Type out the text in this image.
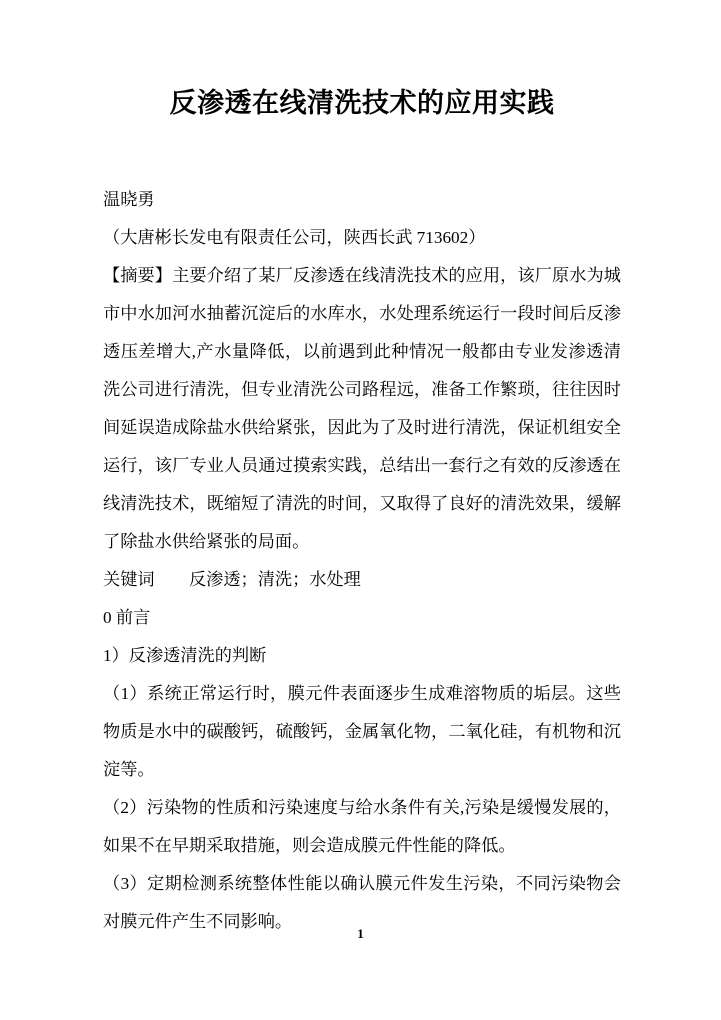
反渗透在线清洗技术的应用实践

温晓勇

（大唐彬长发电有限责任公司，陕西长武 713602）

【摘要】主要介绍了某厂反渗透在线清洗技术的应用，该厂原水为城市中水加河水抽蓄沉淀后的水库水，水处理系统运行一段时间后反渗透压差增大,产水量降低，以前遇到此种情况一般都由专业发渗透清洗公司进行清洗，但专业清洗公司路程远，准备工作繁琐，往往因时间延误造成除盐水供给紧张，因此为了及时进行清洗，保证机组安全运行，该厂专业人员通过摸索实践，总结出一套行之有效的反渗透在线清洗技术，既缩短了清洗的时间，又取得了良好的清洗效果，缓解了除盐水供给紧张的局面。

关键词　　反渗透；清洗；水处理

0 前言

1）反渗透清洗的判断

（1）系统正常运行时，膜元件表面逐步生成难溶物质的垢层。这些物质是水中的碳酸钙，硫酸钙，金属氧化物，二氧化硅，有机物和沉淀等。

（2）污染物的性质和污染速度与给水条件有关,污染是缓慢发展的，如果不在早期采取措施，则会造成膜元件性能的降低。

（3）定期检测系统整体性能以确认膜元件发生污染，不同污染物会对膜元件产生不同影响。

1
